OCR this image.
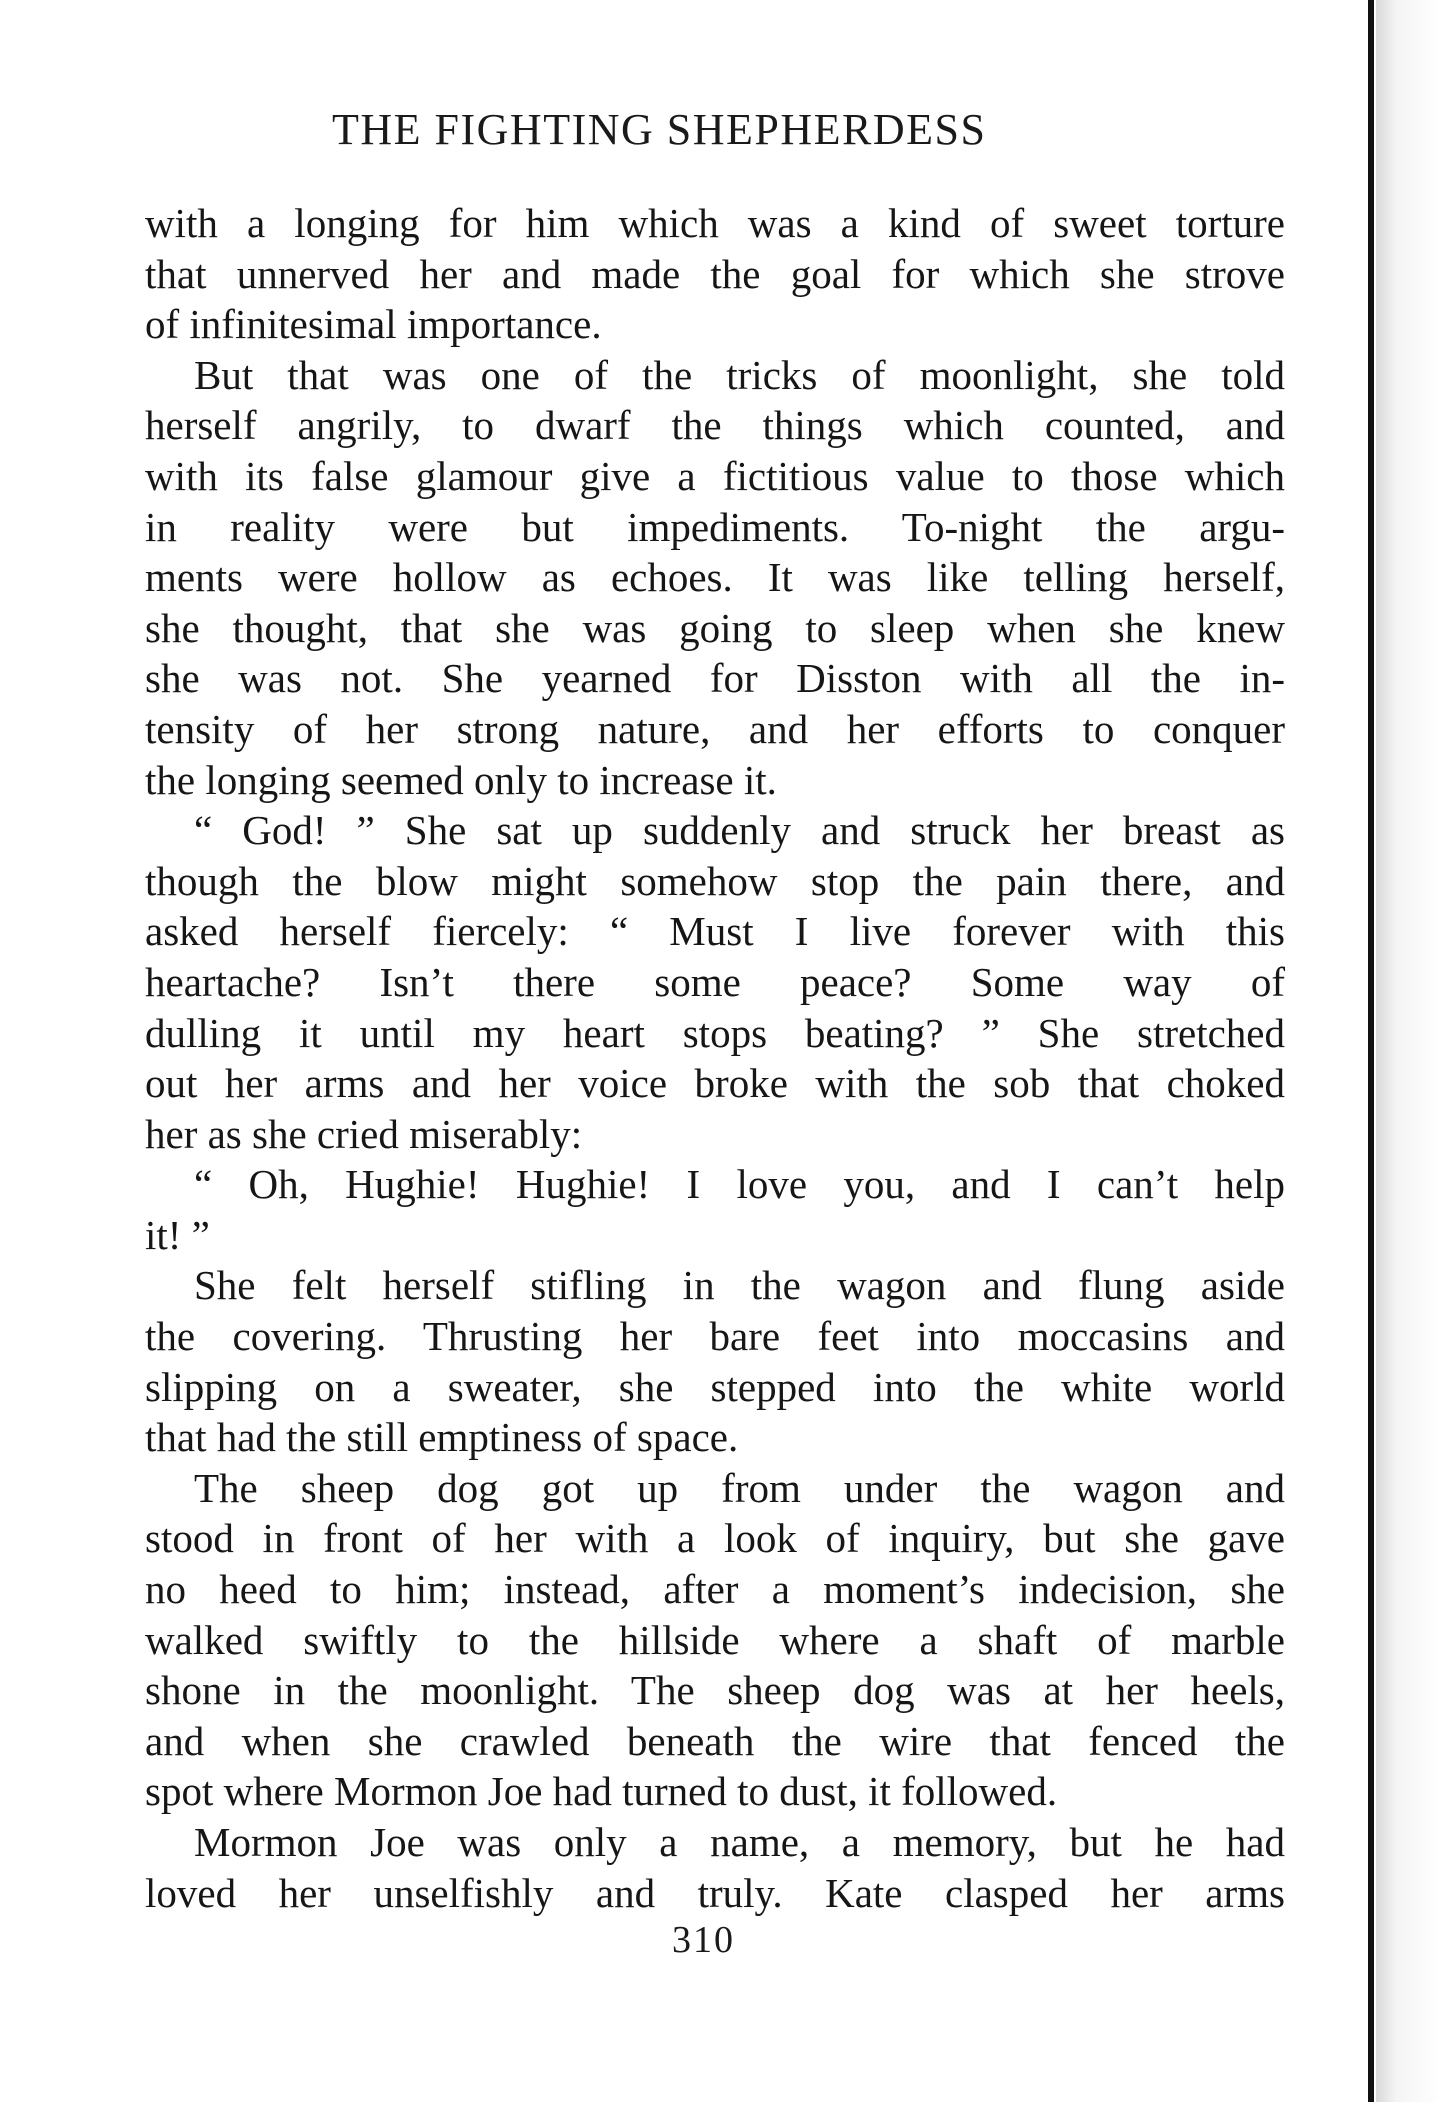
THE FIGHTING SHEPHERDESS
with a longing for him which was a kind of sweet torture
that unnerved her and made the goal for which she strove
of infinitesimal importance.
But that was one of the tricks of moonlight, she told
herself angrily, to dwarf the things which counted, and
with its false glamour give a fictitious value to those which
in reality were but impediments. To-night the argu-
ments were hollow as echoes. It was like telling herself,
she thought, that she was going to sleep when she knew
she was not. She yearned for Disston with all the in-
tensity of her strong nature, and her efforts to conquer
the longing seemed only to increase it.
“ God! ” She sat up suddenly and struck her breast as
though the blow might somehow stop the pain there, and
asked herself fiercely: “ Must I live forever with this
heartache? Isn’t there some peace? Some way of
dulling it until my heart stops beating? ” She stretched
out her arms and her voice broke with the sob that choked
her as she cried miserably:
“ Oh, Hughie! Hughie! I love you, and I can’t help
it! ”
She felt herself stifling in the wagon and flung aside
the covering. Thrusting her bare feet into moccasins and
slipping on a sweater, she stepped into the white world
that had the still emptiness of space.
The sheep dog got up from under the wagon and
stood in front of her with a look of inquiry, but she gave
no heed to him; instead, after a moment’s indecision, she
walked swiftly to the hillside where a shaft of marble
shone in the moonlight. The sheep dog was at her heels,
and when she crawled beneath the wire that fenced the
spot where Mormon Joe had turned to dust, it followed.
Mormon Joe was only a name, a memory, but he had
loved her unselfishly and truly. Kate clasped her arms
310
